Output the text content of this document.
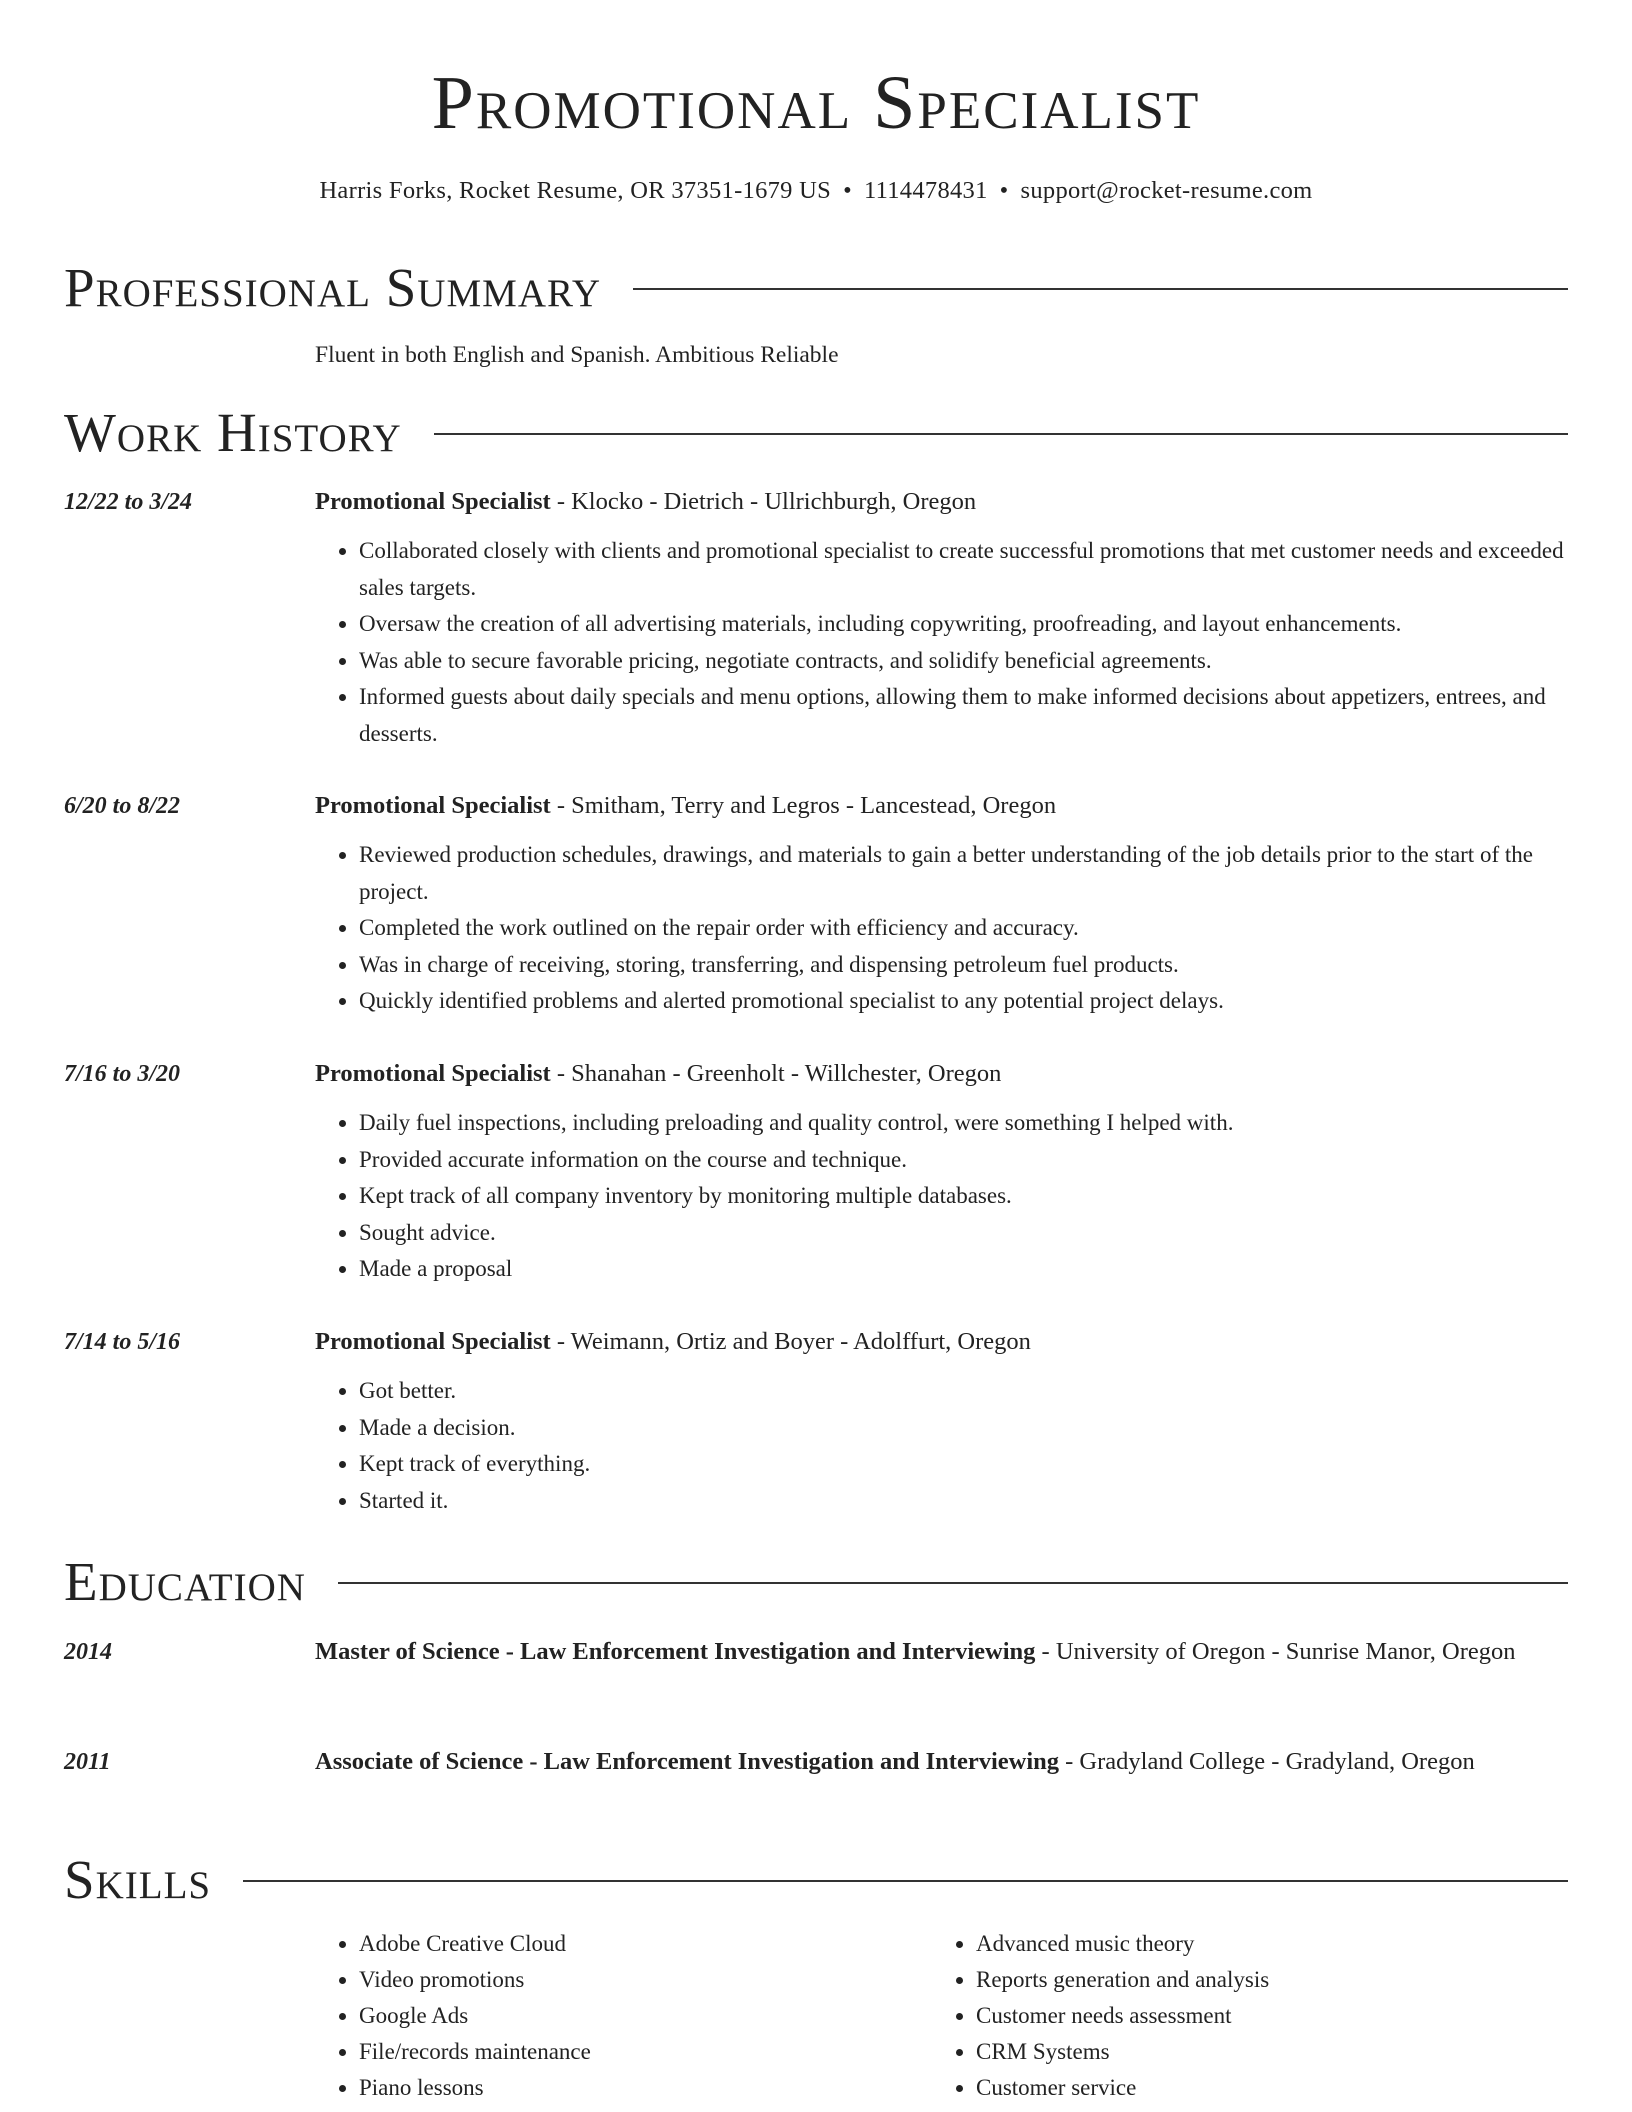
Promotional Specialist
Harris Forks, Rocket Resume, OR 37351-1679 US • 1114478431 • support@rocket-resume.com
Professional Summary
Fluent in both English and Spanish. Ambitious Reliable
Work History
12/22 to 3/24	Promotional Specialist - Klocko - Dietrich - Ullrichburgh, Oregon
• Collaborated closely with clients and promotional specialist to create successful promotions that met customer needs and exceeded sales targets.
• Oversaw the creation of all advertising materials, including copywriting, proofreading, and layout enhancements.
• Was able to secure favorable pricing, negotiate contracts, and solidify beneficial agreements.
• Informed guests about daily specials and menu options, allowing them to make informed decisions about appetizers, entrees, and desserts.
6/20 to 8/22	Promotional Specialist - Smitham, Terry and Legros - Lancestead, Oregon
• Reviewed production schedules, drawings, and materials to gain a better understanding of the job details prior to the start of the project.
• Completed the work outlined on the repair order with efficiency and accuracy.
• Was in charge of receiving, storing, transferring, and dispensing petroleum fuel products.
• Quickly identified problems and alerted promotional specialist to any potential project delays.
7/16 to 3/20	Promotional Specialist - Shanahan - Greenholt - Willchester, Oregon
• Daily fuel inspections, including preloading and quality control, were something I helped with.
• Provided accurate information on the course and technique.
• Kept track of all company inventory by monitoring multiple databases.
• Sought advice.
• Made a proposal
7/14 to 5/16	Promotional Specialist - Weimann, Ortiz and Boyer - Adolffurt, Oregon
• Got better.
• Made a decision.
• Kept track of everything.
• Started it.
Education
2014	Master of Science - Law Enforcement Investigation and Interviewing - University of Oregon - Sunrise Manor, Oregon
2011	Associate of Science - Law Enforcement Investigation and Interviewing - Gradyland College - Gradyland, Oregon
Skills
• Adobe Creative Cloud
• Video promotions
• Google Ads
• File/records maintenance
• Piano lessons
• Advanced music theory
• Reports generation and analysis
• Customer needs assessment
• CRM Systems
• Customer service
